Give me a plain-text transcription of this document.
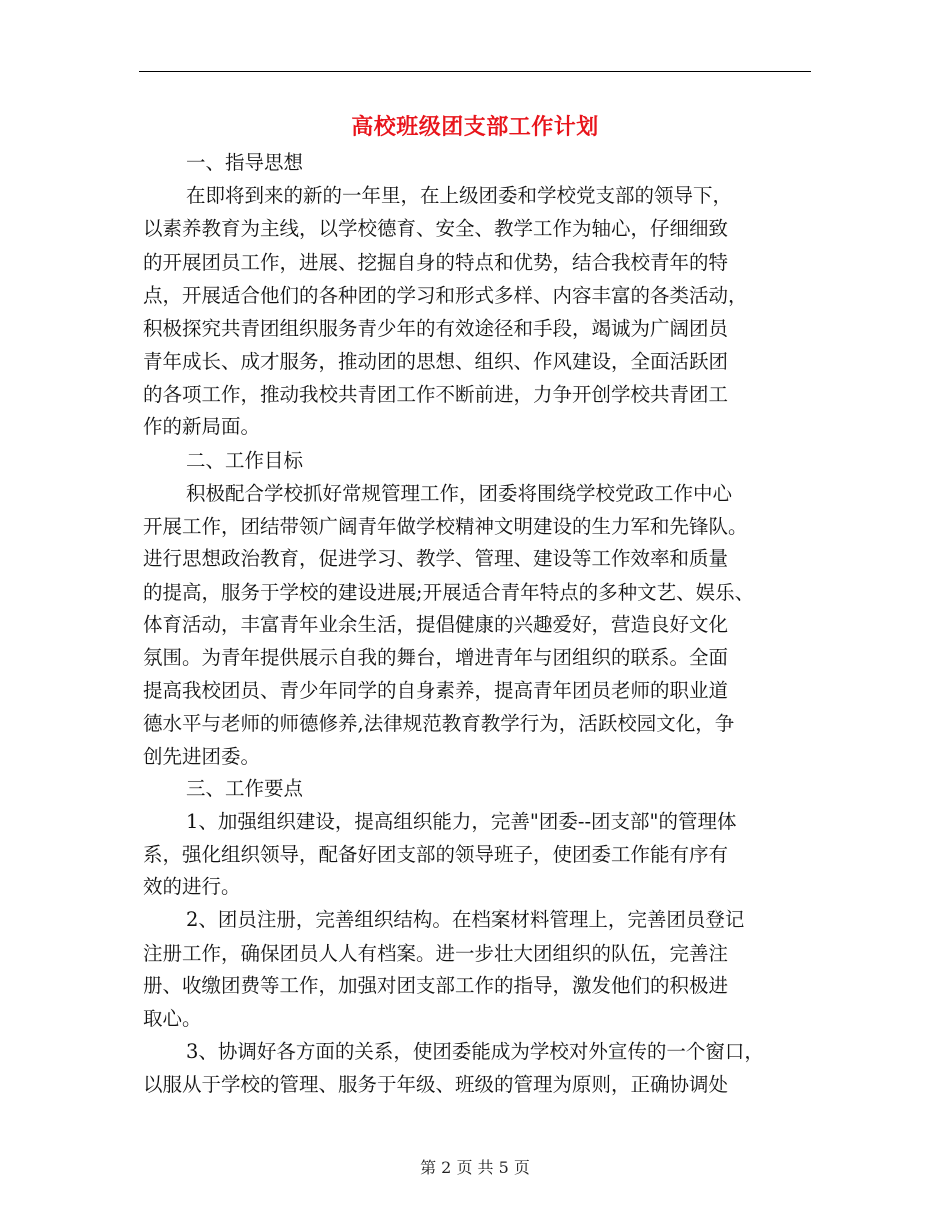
高校班级团支部工作计划
一、指导思想
在即将到来的新的一年里，在上级团委和学校党支部的领导下，
以素养教育为主线，以学校德育、安全、教学工作为轴心，仔细细致
的开展团员工作，进展、挖掘自身的特点和优势，结合我校青年的特
点，开展适合他们的各种团的学习和形式多样、内容丰富的各类活动，
积极探究共青团组织服务青少年的有效途径和手段，竭诚为广阔团员
青年成长、成才服务，推动团的思想、组织、作风建设，全面活跃团
的各项工作，推动我校共青团工作不断前进，力争开创学校共青团工
作的新局面。
二、工作目标
积极配合学校抓好常规管理工作，团委将围绕学校党政工作中心
开展工作，团结带领广阔青年做学校精神文明建设的生力军和先锋队。
进行思想政治教育，促进学习、教学、管理、建设等工作效率和质量
的提高，服务于学校的建设进展;开展适合青年特点的多种文艺、娱乐、
体育活动，丰富青年业余生活，提倡健康的兴趣爱好，营造良好文化
氛围。为青年提供展示自我的舞台，增进青年与团组织的联系。全面
提高我校团员、青少年同学的自身素养，提高青年团员老师的职业道
德水平与老师的师德修养,法律规范教育教学行为，活跃校园文化，争
创先进团委。
三、工作要点
1、加强组织建设，提高组织能力，完善"团委--团支部"的管理体
系，强化组织领导，配备好团支部的领导班子，使团委工作能有序有
效的进行。
2、团员注册，完善组织结构。在档案材料管理上，完善团员登记
注册工作，确保团员人人有档案。进一步壮大团组织的队伍，完善注
册、收缴团费等工作，加强对团支部工作的指导，激发他们的积极进
取心。
3、协调好各方面的关系，使团委能成为学校对外宣传的一个窗口，
以服从于学校的管理、服务于年级、班级的管理为原则，正确协调处
第 2 页 共 5 页
